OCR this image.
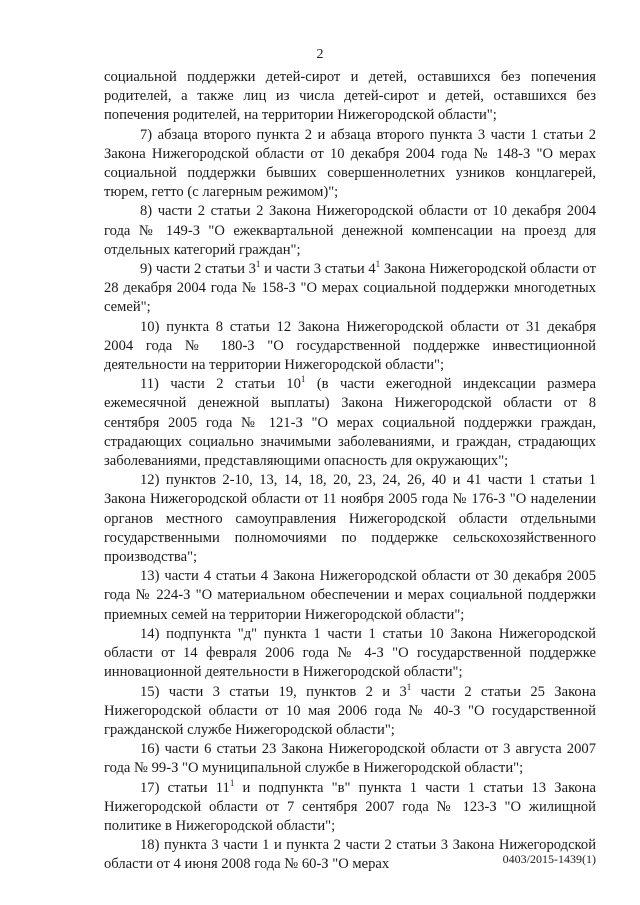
2

социальной поддержки детей-сирот и детей, оставшихся без попечения родителей, а также лиц из числа детей-сирот и детей, оставшихся без попечения родителей, на территории Нижегородской области";

7) абзаца второго пункта 2 и абзаца второго пункта 3 части 1 статьи 2 Закона Нижегородской области от 10 декабря 2004 года № 148-З "О мерах социальной поддержки бывших совершеннолетних узников концлагерей, тюрем, гетто (с лагерным режимом)";

8) части 2 статьи 2 Закона Нижегородской области от 10 декабря 2004 года № 149-З "О ежеквартальной денежной компенсации на проезд для отдельных категорий граждан";

9) части 2 статьи $3^1$ и части 3 статьи $4^1$ Закона Нижегородской области от 28 декабря 2004 года № 158-З "О мерах социальной поддержки многодетных семей";

10) пункта 8 статьи 12 Закона Нижегородской области от 31 декабря 2004 года № 180-З "О государственной поддержке инвестиционной деятельности на территории Нижегородской области";

11) части 2 статьи $10^1$ (в части ежегодной индексации размера ежемесячной денежной выплаты) Закона Нижегородской области от 8 сентября 2005 года № 121-З "О мерах социальной поддержки граждан, страдающих социально значимыми заболеваниями, и граждан, страдающих заболеваниями, представляющими опасность для окружающих";

12) пунктов 2-10, 13, 14, 18, 20, 23, 24, 26, 40 и 41 части 1 статьи 1 Закона Нижегородской области от 11 ноября 2005 года № 176-З "О наделении органов местного самоуправления Нижегородской области отдельными государственными полномочиями по поддержке сельскохозяйственного производства";

13) части 4 статьи 4 Закона Нижегородской области от 30 декабря 2005 года № 224-З "О материальном обеспечении и мерах социальной поддержки приемных семей на территории Нижегородской области";

14) подпункта "д" пункта 1 части 1 статьи 10 Закона Нижегородской области от 14 февраля 2006 года № 4-З "О государственной поддержке инновационной деятельности в Нижегородской области";

15) части 3 статьи 19, пунктов 2 и $3^1$ части 2 статьи 25 Закона Нижегородской области от 10 мая 2006 года № 40-З "О государственной гражданской службе Нижегородской области";

16) части 6 статьи 23 Закона Нижегородской области от 3 августа 2007 года № 99-З "О муниципальной службе в Нижегородской области";

17) статьи $11^1$ и подпункта "в" пункта 1 части 1 статьи 13 Закона Нижегородской области от 7 сентября 2007 года № 123-З "О жилищной политике в Нижегородской области";

18) пункта 3 части 1 и пункта 2 части 2 статьи 3 Закона Нижегородской области от 4 июня 2008 года № 60-З "О мерах	0403/2015-1439(1)
